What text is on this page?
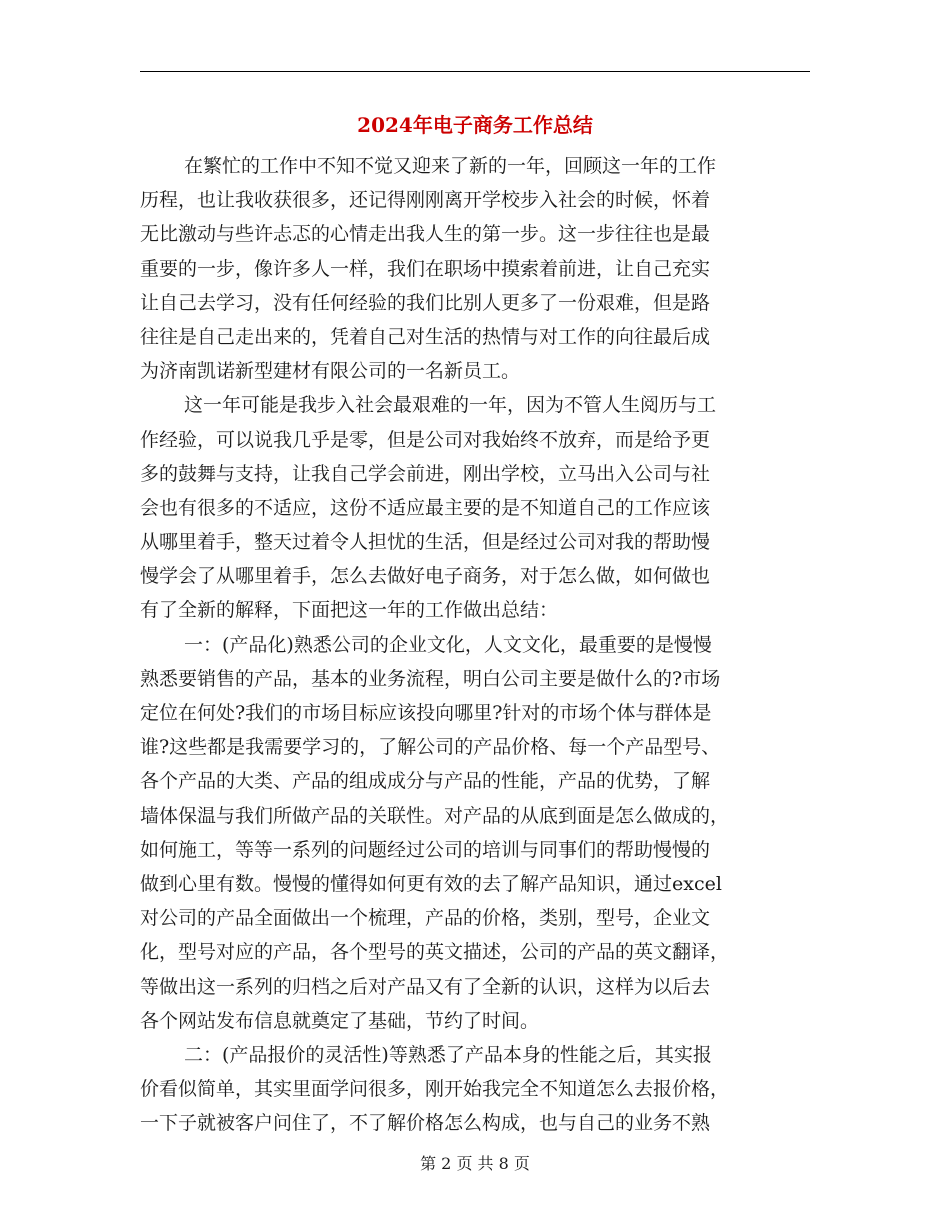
2024年电子商务工作总结
在繁忙的工作中不知不觉又迎来了新的一年，回顾这一年的工作
历程，也让我收获很多，还记得刚刚离开学校步入社会的时候，怀着
无比激动与些许忐忑的心情走出我人生的第一步。这一步往往也是最
重要的一步，像许多人一样，我们在职场中摸索着前进，让自己充实
让自己去学习，没有任何经验的我们比别人更多了一份艰难，但是路
往往是自己走出来的，凭着自己对生活的热情与对工作的向往最后成
为济南凯诺新型建材有限公司的一名新员工。
这一年可能是我步入社会最艰难的一年，因为不管人生阅历与工
作经验，可以说我几乎是零，但是公司对我始终不放弃，而是给予更
多的鼓舞与支持，让我自己学会前进，刚出学校，立马出入公司与社
会也有很多的不适应，这份不适应最主要的是不知道自己的工作应该
从哪里着手，整天过着令人担忧的生活，但是经过公司对我的帮助慢
慢学会了从哪里着手，怎么去做好电子商务，对于怎么做，如何做也
有了全新的解释，下面把这一年的工作做出总结：
一：(产品化)熟悉公司的企业文化，人文文化，最重要的是慢慢
熟悉要销售的产品，基本的业务流程，明白公司主要是做什么的?市场
定位在何处?我们的市场目标应该投向哪里?针对的市场个体与群体是
谁?这些都是我需要学习的，了解公司的产品价格、每一个产品型号、
各个产品的大类、产品的组成成分与产品的性能，产品的优势，了解
墙体保温与我们所做产品的关联性。对产品的从底到面是怎么做成的，
如何施工，等等一系列的问题经过公司的培训与同事们的帮助慢慢的
做到心里有数。慢慢的懂得如何更有效的去了解产品知识，通过excel
对公司的产品全面做出一个梳理，产品的价格，类别，型号，企业文
化，型号对应的产品，各个型号的英文描述，公司的产品的英文翻译，
等做出这一系列的归档之后对产品又有了全新的认识，这样为以后去
各个网站发布信息就奠定了基础，节约了时间。
二：(产品报价的灵活性)等熟悉了产品本身的性能之后，其实报
价看似简单，其实里面学问很多，刚开始我完全不知道怎么去报价格，
一下子就被客户问住了，不了解价格怎么构成，也与自己的业务不熟
第 2 页 共 8 页
